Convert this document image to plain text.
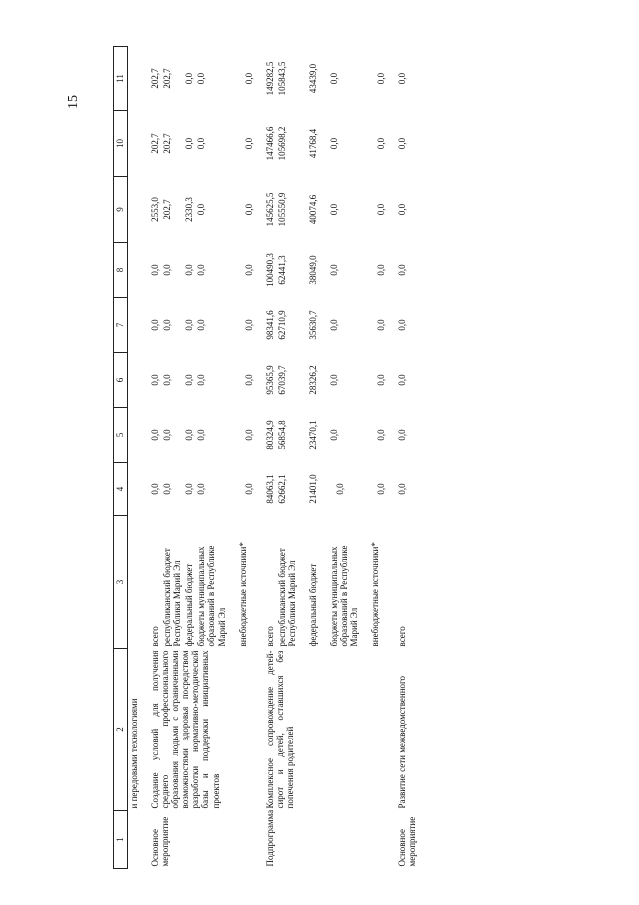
15
1	2	3	4	5	6	7	8	9	10	11
	и передовыми технологиями									
Основное мероприятие	Создание условий для получения среднего профессионального образования людьми с ограниченными возможностями здоровья посредством разработки нормативно-методической базы и поддержки инициативных проектов	всего	0,0	0,0	0,0	0,0	0,0	2553,0	202,7	202,7
		республиканский бюджет Республики Марий Эл	0,0	0,0	0,0	0,0	0,0	202,7	202,7	202,7
		федеральный бюджет	0,0	0,0	0,0	0,0	0,0	2330,3	0,0	0,0
		бюджеты муниципальных образований в Республике Марий Эл	0,0	0,0	0,0	0,0	0,0	0,0	0,0	0,0
		внебюджетные источники*	0,0	0,0	0,0	0,0	0,0	0,0	0,0	0,0
Подпрограмма	Комплексное сопровождение детей-сирот и детей, оставшихся без попечения родителей	всего	84063,1	80324,9	95365,9	98341,6	100490,3	145625,5	147466,6	149282,5
		республиканский бюджет Республики Марий Эл	62662,1	56854,8	67039,7	62710,9	62441,3	105550,9	105698,2	105843,5
		федеральный бюджет	21401,0	23470,1	28326,2	35630,7	38049,0	40074,6	41768,4	43439,0
		бюджеты муниципальных образований в Республике Марий Эл	0,0	0,0	0,0	0,0	0,0	0,0	0,0	0,0
		внебюджетные источники*	0,0	0,0	0,0	0,0	0,0	0,0	0,0	0,0
Основное мероприятие	Развитие сети межведомственного	всего	0,0	0,0	0,0	0,0	0,0	0,0	0,0	0,0
